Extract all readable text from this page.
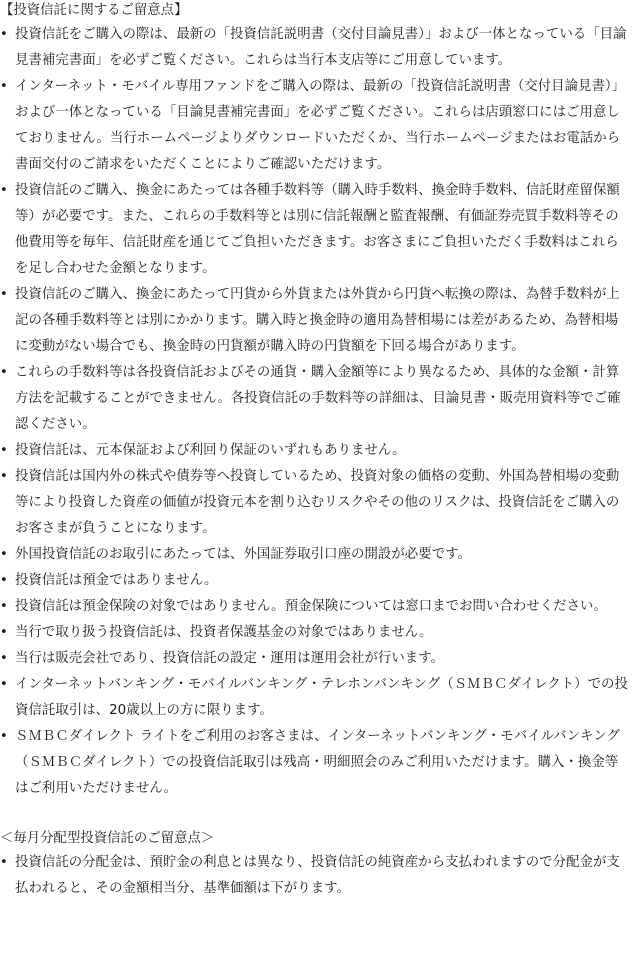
【投資信託に関するご留意点】
• 投資信託をご購入の際は、最新の「投資信託説明書（交付目論見書）」および一体となっている「目論見書補完書面」を必ずご覧ください。これらは当行本支店等にご用意しています。
• インターネット・モバイル専用ファンドをご購入の際は、最新の「投資信託説明書（交付目論見書）」および一体となっている「目論見書補完書面」を必ずご覧ください。これらは店頭窓口にはご用意しておりません。当行ホームページよりダウンロードいただくか、当行ホームページまたはお電話から書面交付のご請求をいただくことによりご確認いただけます。
• 投資信託のご購入、換金にあたっては各種手数料等（購入時手数料、換金時手数料、信託財産留保額等）が必要です。また、これらの手数料等とは別に信託報酬と監査報酬、有価証券売買手数料等その他費用等を毎年、信託財産を通じてご負担いただきます。お客さまにご負担いただく手数料はこれらを足し合わせた金額となります。
• 投資信託のご購入、換金にあたって円貨から外貨または外貨から円貨へ転換の際は、為替手数料が上記の各種手数料等とは別にかかります。購入時と換金時の適用為替相場には差があるため、為替相場に変動がない場合でも、換金時の円貨額が購入時の円貨額を下回る場合があります。
• これらの手数料等は各投資信託およびその通貨・購入金額等により異なるため、具体的な金額・計算方法を記載することができません。各投資信託の手数料等の詳細は、目論見書・販売用資料等でご確認ください。
• 投資信託は、元本保証および利回り保証のいずれもありません。
• 投資信託は国内外の株式や債券等へ投資しているため、投資対象の価格の変動、外国為替相場の変動等により投資した資産の価値が投資元本を割り込むリスクやその他のリスクは、投資信託をご購入のお客さまが負うことになります。
• 外国投資信託のお取引にあたっては、外国証券取引口座の開設が必要です。
• 投資信託は預金ではありません。
• 投資信託は預金保険の対象ではありません。預金保険については窓口までお問い合わせください。
• 当行で取り扱う投資信託は、投資者保護基金の対象ではありません。
• 当行は販売会社であり、投資信託の設定・運用は運用会社が行います。
• インターネットバンキング・モバイルバンキング・テレホンバンキング（ＳＭＢＣダイレクト）での投資信託取引は、20歳以上の方に限ります。
• ＳＭＢＣダイレクト ライトをご利用のお客さまは、インターネットバンキング・モバイルバンキング（ＳＭＢＣダイレクト）での投資信託取引は残高・明細照会のみご利用いただけます。購入・換金等はご利用いただけません。
＜毎月分配型投資信託のご留意点＞
• 投資信託の分配金は、預貯金の利息とは異なり、投資信託の純資産から支払われますので分配金が支払われると、その金額相当分、基準価額は下がります。
